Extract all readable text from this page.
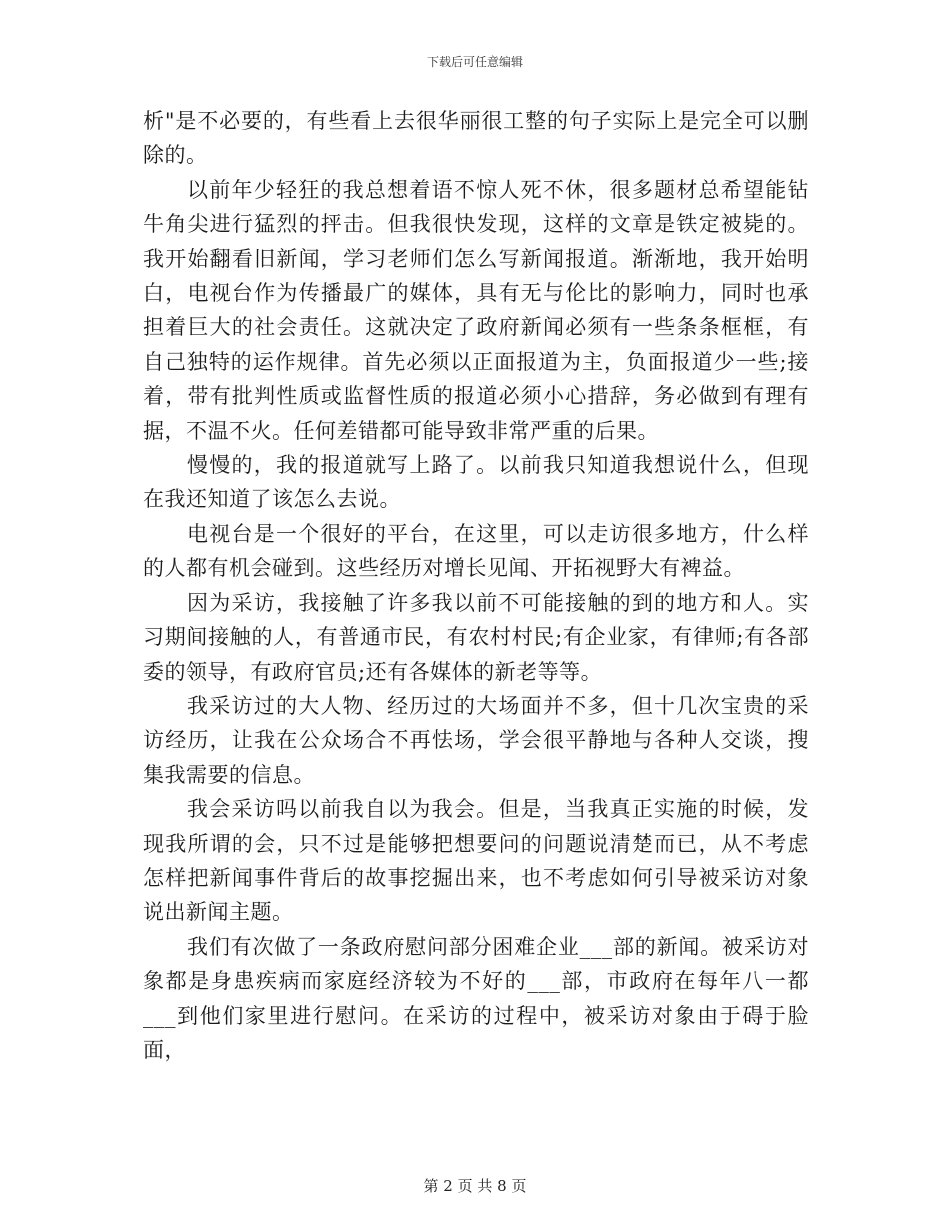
下载后可任意编辑

析"是不必要的，有些看上去很华丽很工整的句子实际上是完全可以删除的。

以前年少轻狂的我总想着语不惊人死不休，很多题材总希望能钻牛角尖进行猛烈的抨击。但我很快发现，这样的文章是铁定被毙的。我开始翻看旧新闻，学习老师们怎么写新闻报道。渐渐地，我开始明白，电视台作为传播最广的媒体，具有无与伦比的影响力，同时也承担着巨大的社会责任。这就决定了政府新闻必须有一些条条框框，有自己独特的运作规律。首先必须以正面报道为主，负面报道少一些;接着，带有批判性质或监督性质的报道必须小心措辞，务必做到有理有据，不温不火。任何差错都可能导致非常严重的后果。

慢慢的，我的报道就写上路了。以前我只知道我想说什么，但现在我还知道了该怎么去说。

电视台是一个很好的平台，在这里，可以走访很多地方，什么样的人都有机会碰到。这些经历对增长见闻、开拓视野大有裨益。

因为采访，我接触了许多我以前不可能接触的到的地方和人。实习期间接触的人，有普通市民，有农村村民;有企业家，有律师;有各部委的领导，有政府官员;还有各媒体的新老等等。

我采访过的大人物、经历过的大场面并不多，但十几次宝贵的采访经历，让我在公众场合不再怯场，学会很平静地与各种人交谈，搜集我需要的信息。

我会采访吗以前我自以为我会。但是，当我真正实施的时候，发现我所谓的会，只不过是能够把想要问的问题说清楚而已，从不考虑怎样把新闻事件背后的故事挖掘出来，也不考虑如何引导被采访对象说出新闻主题。

我们有次做了一条政府慰问部分困难企业___部的新闻。被采访对象都是身患疾病而家庭经济较为不好的___部，市政府在每年八一都___到他们家里进行慰问。在采访的过程中，被采访对象由于碍于脸面，

第 2 页 共 8 页
